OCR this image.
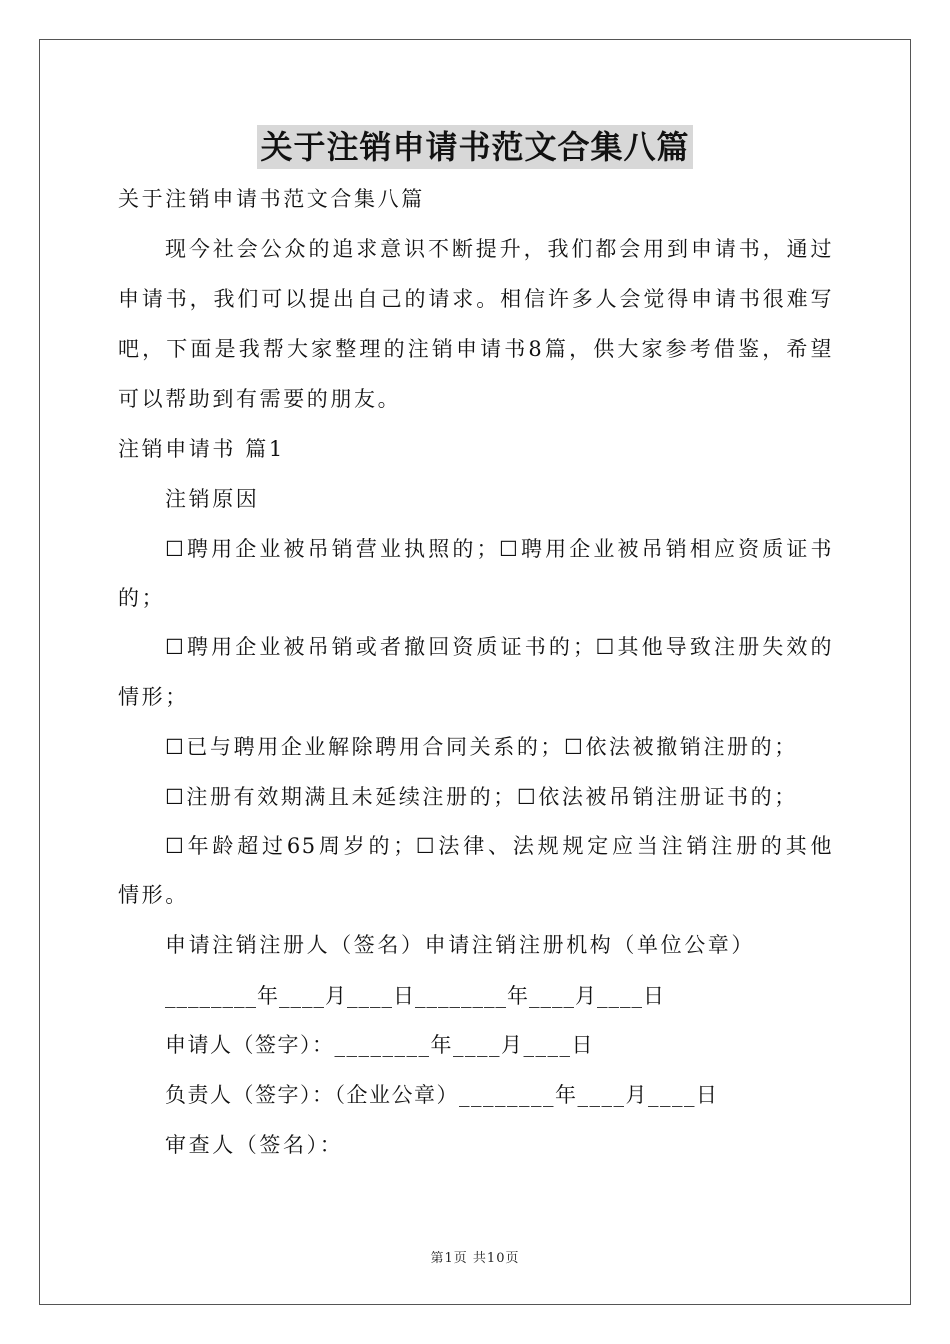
关于注销申请书范文合集八篇
关于注销申请书范文合集八篇
现今社会公众的追求意识不断提升，我们都会用到申请书，通过
申请书，我们可以提出自己的请求。相信许多人会觉得申请书很难写
吧，下面是我帮大家整理的注销申请书8篇，供大家参考借鉴，希望
可以帮助到有需要的朋友。
注销申请书 篇1
注销原因
☐聘用企业被吊销营业执照的；☐聘用企业被吊销相应资质证书
的；
☐聘用企业被吊销或者撤回资质证书的；☐其他导致注册失效的
情形；
☐已与聘用企业解除聘用合同关系的；☐依法被撤销注册的；
☐注册有效期满且未延续注册的；☐依法被吊销注册证书的；
☐年龄超过65周岁的；☐法律、法规规定应当注销注册的其他
情形。
申请注销注册人（签名）申请注销注册机构（单位公章）
________年____月____日________年____月____日
申请人（签字）：________年____月____日
负责人（签字）：（企业公章）________年____月____日
审查人（签名）：
第1页 共10页
